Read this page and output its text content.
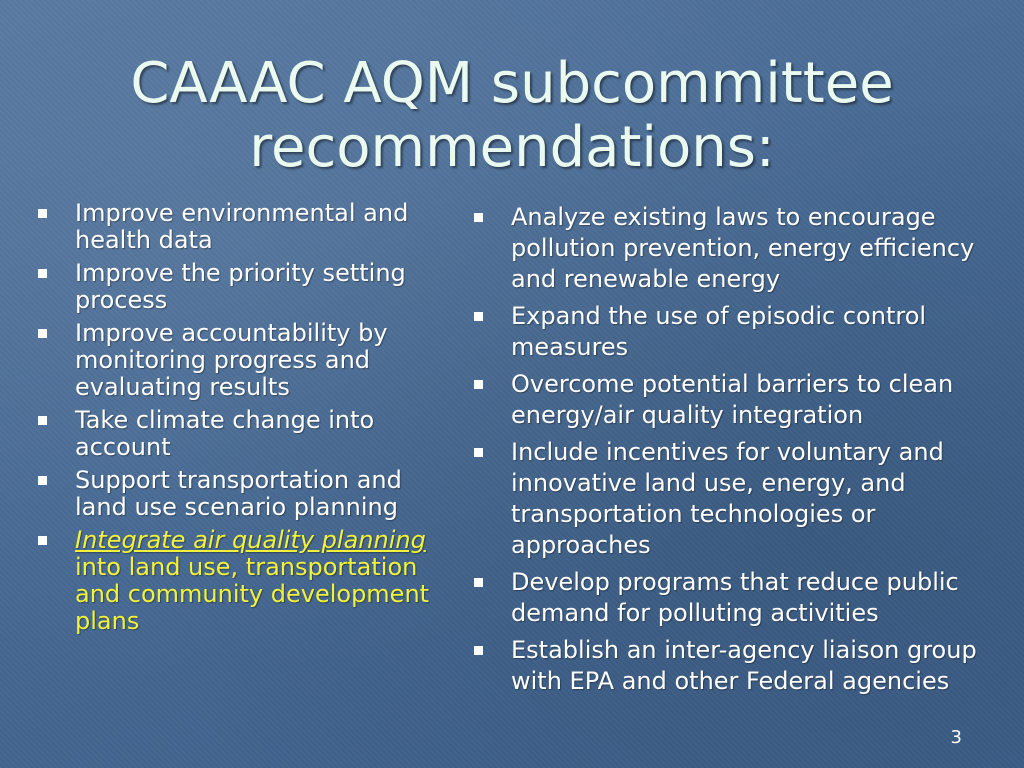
CAAAC AQM subcommittee
recommendations:
Improve environmental and health data
Improve the priority setting process
Improve accountability by monitoring progress and evaluating results
Take climate change into account
Support transportation and land use scenario planning
Integrate air quality planning into land use, transportation and community development plans
Analyze existing laws to encourage pollution prevention, energy efficiency and renewable energy
Expand the use of episodic control measures
Overcome potential barriers to clean energy/air quality integration
Include incentives for voluntary and innovative land use, energy, and transportation technologies or approaches
Develop programs that reduce public demand for polluting activities
Establish an inter-agency liaison group with EPA and other Federal agencies
3
